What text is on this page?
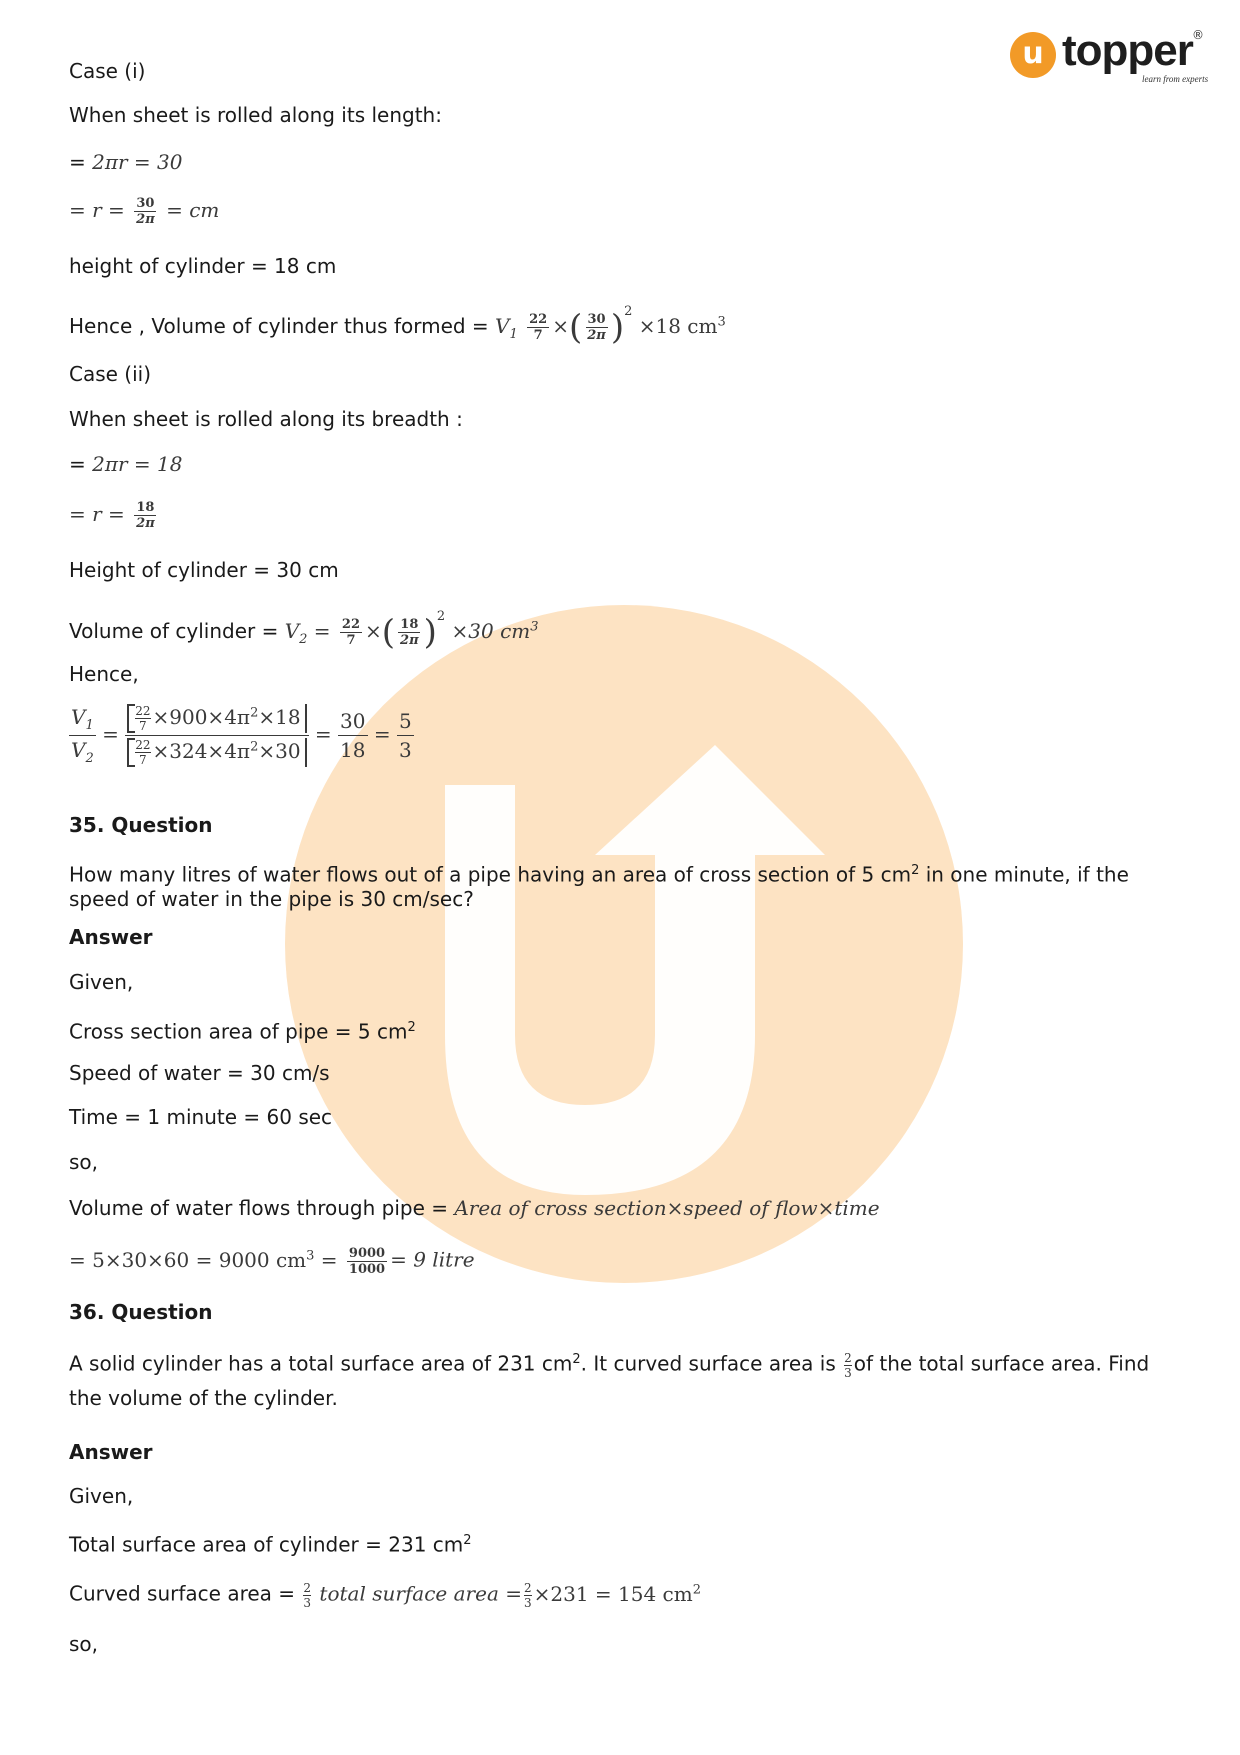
u topper ®
learn from experts
Case (i)
When sheet is rolled along its length:
= 2πr = 30
= $r = \frac{30}{2\pi}$ = cm
height of cylinder = 18 cm
Hence , Volume of cylinder thus formed = $V_1 \frac{22}{7}$ ×( $\frac{30}{2\pi} )^2 \times 18$ $cm^3$
Case (ii)
When sheet is rolled along its breadth :
= 2πr = 18
= $r = \frac{18}{2\pi}$
Height of cylinder = 30 cm
Volume of cylinder = $V_2 = \frac{22}{7}$ ×( $\frac{18}{2\pi} )^2 \times 30$ $cm^3$
Hence,
$\frac{V_1}{V_2} = \frac{\frac{22}{7} \times 900\times 4\pi^2\times 18}{\frac{22}{7} \times 324\times 4\pi^2\times 30} = \frac{30}{18} = \frac{5}{3}$
35. Question
How many litres of water flows out of a pipe having an area of cross section of 5 $cm^2$ in one minute, if the speed of water in the pipe is 30 cm/sec?
Answer
Given,
Cross section area of pipe = 5 $cm^2$
Speed of water = 30 cm/s
Time = 1 minute = 60 sec
so,
Volume of water flows through pipe = Area of cross section×speed of flow×time
= 5×30×60 = 9000 $cm^3 = \frac{9000}{1000} = 9$ litre
36. Question
A solid cylinder has a total surface area of 231 $cm^2$. It curved surface area is $\frac{2}{3}$ of the total surface area. Find
the volume of the cylinder.
Answer
Given,
Total surface area of cylinder = 231 $cm^2$
Curved surface area = $\frac{2}{3}$ total surface area = $\frac{2}{3} \times 231 = 154$ $cm^2$
so,
